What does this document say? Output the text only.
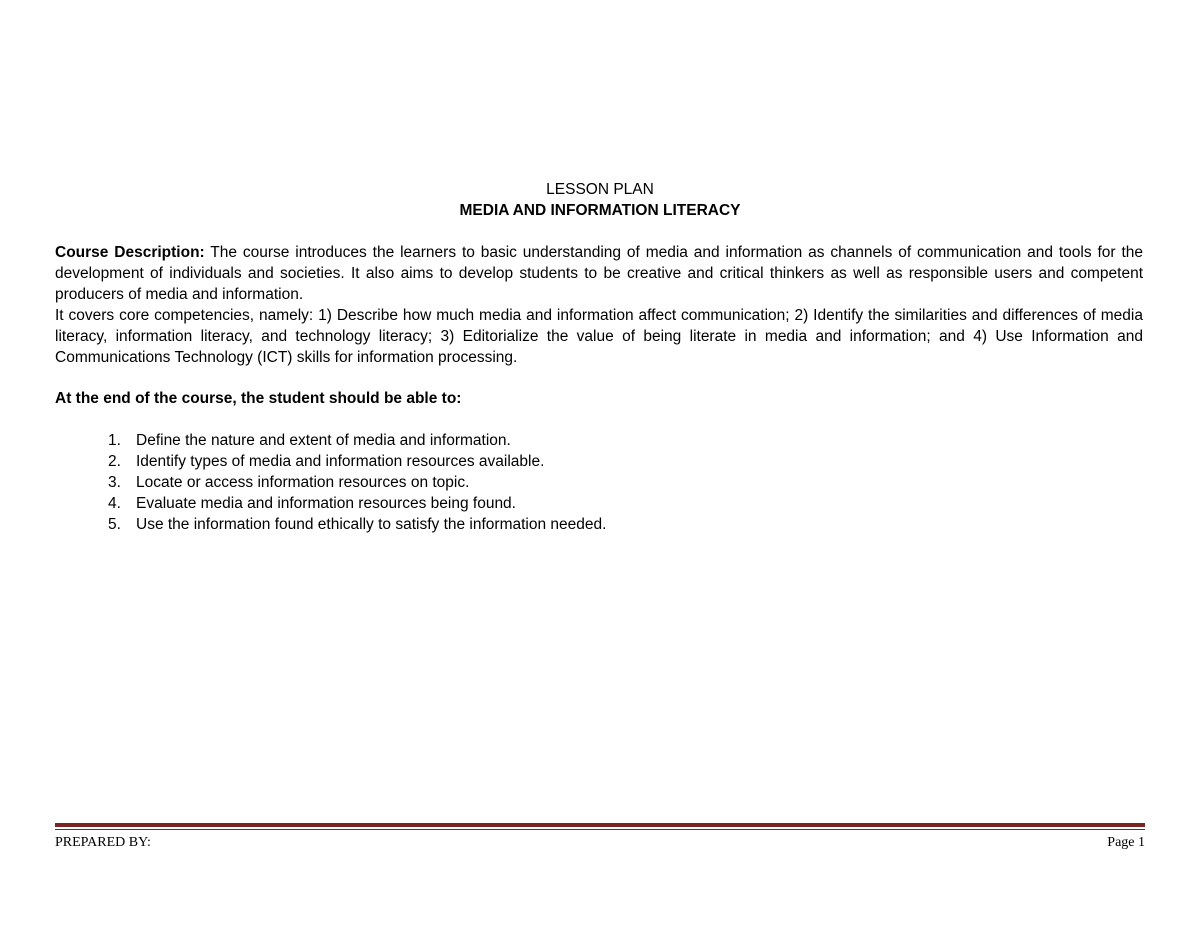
LESSON PLAN
MEDIA AND INFORMATION LITERACY

Course Description: The course introduces the learners to basic understanding of media and information as channels of communication and tools for the development of individuals and societies. It also aims to develop students to be creative and critical thinkers as well as responsible users and competent producers of media and information.

It covers core competencies, namely: 1) Describe how much media and information affect communication; 2) Identify the similarities and differences of media literacy, information literacy, and technology literacy; 3) Editorialize the value of being literate in media and information; and 4) Use Information and Communications Technology (ICT) skills for information processing.

At the end of the course, the student should be able to:
1. Define the nature and extent of media and information.
2. Identify types of media and information resources available.
3. Locate or access information resources on topic.
4. Evaluate media and information resources being found.
5. Use the information found ethically to satisfy the information needed.
PREPARED BY:	Page 1
